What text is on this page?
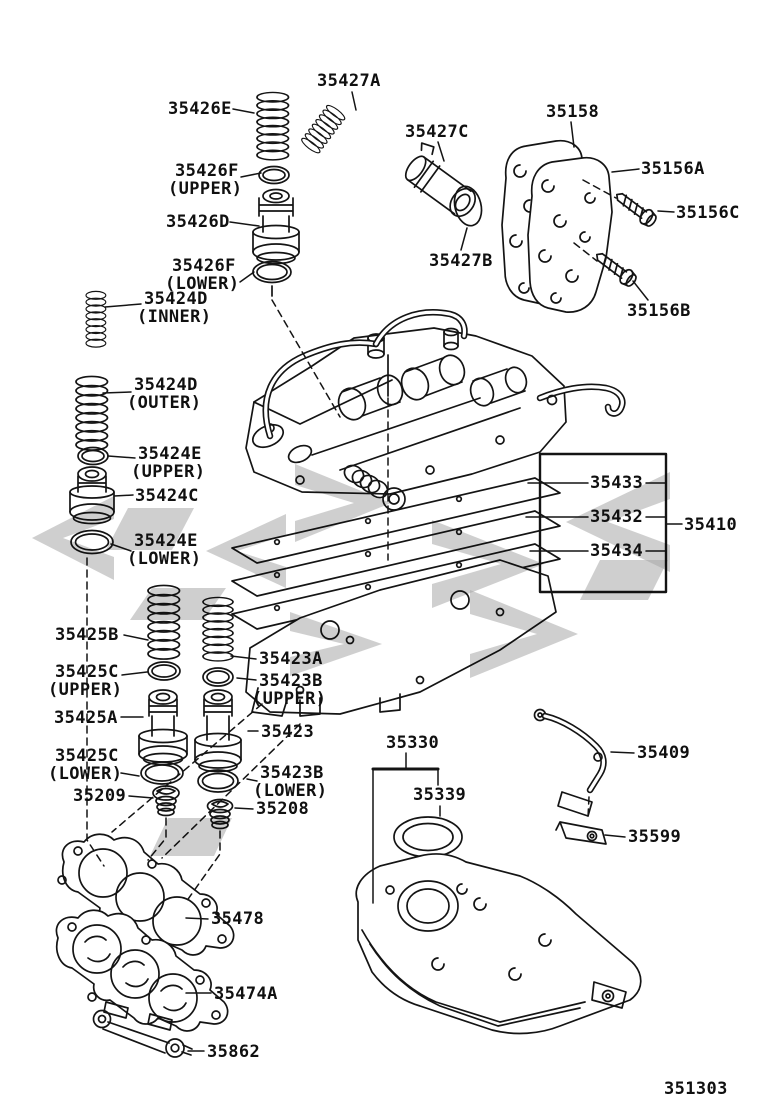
351303
35426E
35427A
35427C
35158
35426F
(UPPER)
35156A
35426D	35156C
35426F
(LOWER)
35427B
35424D
(INNER)	35156B
35424D
(OUTER)
35424E
(UPPER)
35424C
35433
35432 35410
35424E
(LOWER)	35434
35425B
35423A
35425C
(UPPER)	35423B
(UPPER)
35425A
35423
35425C
(LOWER)	35423B
(LOWER)
35209
35208
35330	35409
35339
35599
35478
35474A
35862
